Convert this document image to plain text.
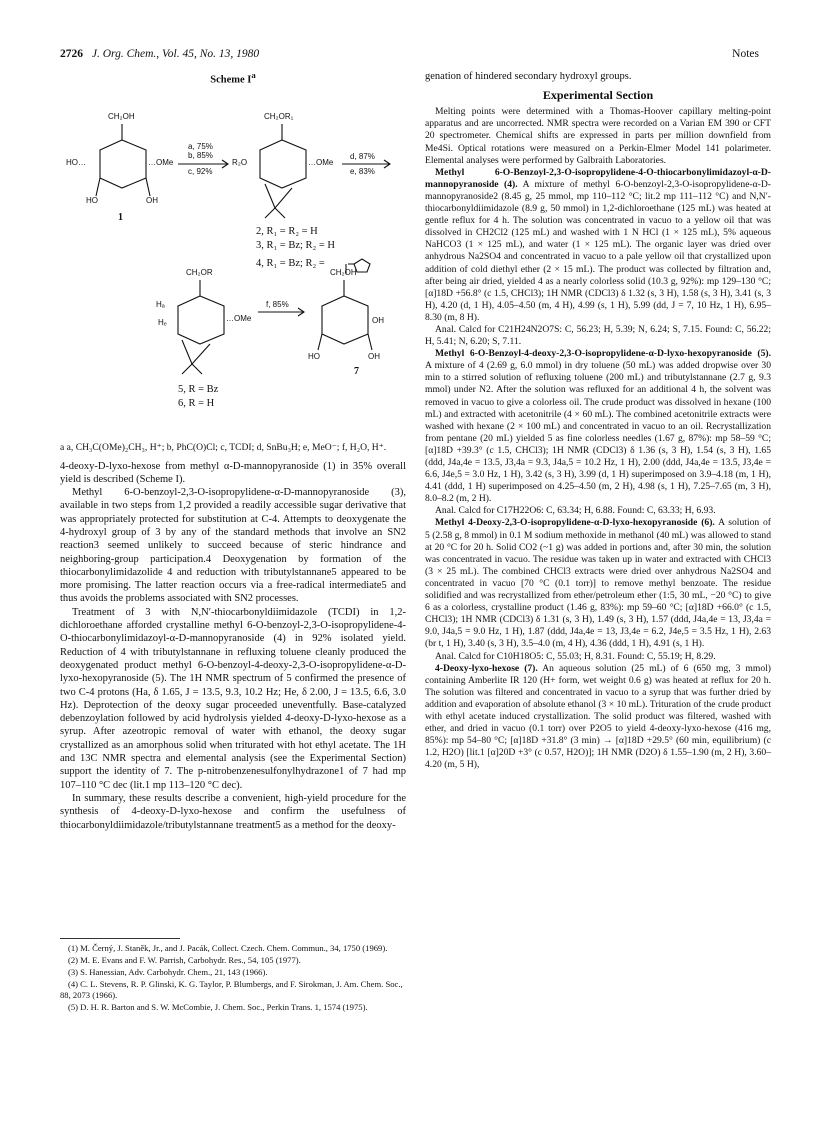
2726 J. Org. Chem., Vol. 45, No. 13, 1980	Notes
Scheme $I^a$
CH₂OH
HO…	…OMe
HO	OH
1
a, 75%
b, 85%
c, 92%
CH₂OR₁
R₂O	…OMe
d, 87%
e, 83%
2, R₁ = R₂ = H
3, R₁ = Bz; R₂ = H
4, R₁ = Bz; R₂ =
CH₂OR
Hₐ
Hₑ	…OMe
f, 85%
CH₂OH
OH
HO	OH
7
5, R = Bz
6, R = H
a a, CH₃C(OMe)₂CH₃, H⁺; b, PhC(O)Cl; c, TCDI; d, SnBu₃H; e, MeO⁻; f, H₂O, H⁺.

4-deoxy-D-lyxo-hexose from methyl α-D-mannopyranoside (1) in 35% overall yield is described (Scheme I).

Methyl 6-O-benzoyl-2,3-O-isopropylidene-α-D-mannopyranoside (3), available in two steps from 1,2 provided a readily accessible sugar derivative that was appropriately protected for substitution at C-4. Attempts to deoxygenate the 4-hydroxyl group of 3 by any of the standard methods that involve an SN2 reaction3 seemed unlikely to succeed because of steric hindrance and neighboring-group participation.4 Deoxygenation by formation of the thiocarbonylimidazolide 4 and reduction with tributylstannane5 appeared to be more promising. The latter reaction occurs via a free-radical intermediate5 and thus avoids the problems associated with SN2 processes.

Treatment of 3 with N,N′-thiocarbonyldiimidazole (TCDI) in 1,2-dichloroethane afforded crystalline methyl 6-O-benzoyl-2,3-O-isopropylidene-4-O-thiocarbonylimidazoyl-α-D-mannopyranoside (4) in 92% isolated yield. Reduction of 4 with tributylstannane in refluxing toluene cleanly produced the deoxygenated product methyl 6-O-benzoyl-4-deoxy-2,3-O-isopropylidene-α-D-lyxo-hexopyranoside (5). The 1H NMR spectrum of 5 confirmed the presence of two C-4 protons (Ha, δ 1.65, J = 13.5, 9.3, 10.2 Hz; He, δ 2.00, J = 13.5, 6.6, 3.0 Hz). Deprotection of the deoxy sugar proceeded uneventfully. Base-catalyzed debenzoylation followed by acid hydrolysis yielded 4-deoxy-D-lyxo-hexose as a syrup. After azeotropic removal of water with ethanol, the deoxy sugar crystallized as an amorphous solid when triturated with hot ethyl acetate. The 1H and 13C NMR spectra and elemental analysis (see the Experimental Section) support the identity of 7. The p-nitrobenzenesulfonylhydrazone1 of 7 had mp 107–110 °C dec (lit.1 mp 113–120 °C dec).

In summary, these results describe a convenient, high-yield procedure for the synthesis of 4-deoxy-D-lyxo-hexose and confirm the usefulness of thiocarbonyldiimidazole/tributylstannane treatment5 as a method for the deoxy-

(1) M. Černý, J. Staněk, Jr., and J. Pacák, Collect. Czech. Chem. Commun., 34, 1750 (1969).

(2) M. E. Evans and F. W. Parrish, Carbohydr. Res., 54, 105 (1977).

(3) S. Hanessian, Adv. Carbohydr. Chem., 21, 143 (1966).

(4) C. L. Stevens, R. P. Glinski, K. G. Taylor, P. Blumbergs, and F. Sirokman, J. Am. Chem. Soc., 88, 2073 (1966).

(5) D. H. R. Barton and S. W. McCombie, J. Chem. Soc., Perkin Trans. 1, 1574 (1975).

genation of hindered secondary hydroxyl groups.

Experimental Section

Melting points were determined with a Thomas-Hoover capillary melting-point apparatus and are uncorrected. NMR spectra were recorded on a Varian EM 390 or CFT 20 spectrometer. Chemical shifts are expressed in parts per million downfield from Me4Si. Optical rotations were measured on a Perkin-Elmer Model 141 polarimeter. Elemental analyses were performed by Galbraith Laboratories.

Methyl 6-O-Benzoyl-2,3-O-isopropylidene-4-O-thiocarbonylimidazoyl-α-D-mannopyranoside (4). A mixture of methyl 6-O-benzoyl-2,3-O-isopropylidene-α-D-mannopyranoside2 (8.45 g, 25 mmol, mp 110–112 °C; lit.2 mp 111–112 °C) and N,N′-thiocarbonyldiimidazole (8.9 g, 50 mmol) in 1,2-dichloroethane (125 mL) was heated at gentle reflux for 4 h. The solution was concentrated in vacuo to a yellow oil that was dissolved in CH2Cl2 (125 mL) and washed with 1 N HCl (1 × 125 mL), 5% aqueous NaHCO3 (1 × 125 mL), and water (1 × 125 mL). The organic layer was dried over anhydrous Na2SO4 and concentrated in vacuo to a pale yellow oil that crystallized upon addition of cold diethyl ether (2 × 15 mL). The product was collected by filtration and, after being air dried, yielded 4 as a nearly colorless solid (10.3 g, 92%): mp 129–130 °C; [α]18D +56.8° (c 1.5, CHCl3); 1H NMR (CDCl3) δ 1.32 (s, 3 H), 1.58 (s, 3 H), 3.41 (s, 3 H), 4.20 (d, 1 H), 4.05–4.50 (m, 4 H), 4.99 (s, 1 H), 5.99 (dd, J = 7, 10 Hz, 1 H), 6.95–8.30 (m, 8 H).

Anal. Calcd for C21H24N2O7S: C, 56.23; H, 5.39; N, 6.24; S, 7.15. Found: C, 56.22; H, 5.41; N, 6.20; S, 7.11.

Methyl 6-O-Benzoyl-4-deoxy-2,3-O-isopropylidene-α-D-lyxo-hexopyranoside (5). A mixture of 4 (2.69 g, 6.0 mmol) in dry toluene (50 mL) was added dropwise over 30 min to a stirred solution of refluxing toluene (200 mL) and tributylstannane (2.7 g, 9.3 mmol) under N2. After the solution was refluxed for an additional 4 h, the solvent was removed in vacuo to give a colorless oil. The crude product was dissolved in hexane (100 mL) and extracted with acetonitrile (4 × 60 mL). The combined acetonitrile extracts were washed with hexane (2 × 100 mL) and concentrated in vacuo to an oil. Recrystallization from pentane (20 mL) yielded 5 as fine colorless needles (1.67 g, 87%): mp 58–59 °C; [α]18D +39.3° (c 1.5, CHCl3); 1H NMR (CDCl3) δ 1.36 (s, 3 H), 1.54 (s, 3 H), 1.65 (ddd, J4a,4e = 13.5, J3,4a = 9.3, J4a,5 = 10.2 Hz, 1 H), 2.00 (ddd, J4a,4e = 13.5, J3,4e = 6.6, J4e,5 = 3.0 Hz, 1 H), 3.42 (s, 3 H), 3.99 (d, 1 H) superimposed on 3.9–4.18 (m, 1 H), 4.41 (ddd, 1 H) superimposed on 4.25–4.50 (m, 2 H), 4.98 (s, 1 H), 7.25–7.65 (m, 3 H), 8.0–8.2 (m, 2 H).

Anal. Calcd for C17H22O6: C, 63.34; H, 6.88. Found: C, 63.33; H, 6.93.

Methyl 4-Deoxy-2,3-O-isopropylidene-α-D-lyxo-hexopyranoside (6). A solution of 5 (2.58 g, 8 mmol) in 0.1 M sodium methoxide in methanol (40 mL) was allowed to stand at 20 °C for 20 h. Solid CO2 (~1 g) was added in portions and, after 30 min, the solution was concentrated in vacuo. The residue was taken up in water and extracted with CHCl3 (3 × 25 mL). The combined CHCl3 extracts were dried over anhydrous Na2SO4 and concentrated in vacuo [70 °C (0.1 torr)] to remove methyl benzoate. The residue solidified and was recrystallized from ether/petroleum ether (1:5, 30 mL, −20 °C) to give 6 as a colorless, crystalline product (1.46 g, 83%): mp 59–60 °C; [α]18D +66.0° (c 1.5, CHCl3); 1H NMR (CDCl3) δ 1.31 (s, 3 H), 1.49 (s, 3 H), 1.57 (ddd, J4a,4e = 13, J3,4a = 9.0, J4a,5 = 9.0 Hz, 1 H), 1.87 (ddd, J4a,4e = 13, J3,4e = 6.2, J4e,5 = 3.5 Hz, 1 H), 2.63 (br t, 1 H), 3.40 (s, 3 H), 3.5–4.0 (m, 4 H), 4.36 (ddd, 1 H), 4.91 (s, 1 H).

Anal. Calcd for C10H18O5: C, 55.03; H, 8.31. Found: C, 55.19; H, 8.29.

4-Deoxy-lyxo-hexose (7). An aqueous solution (25 mL) of 6 (650 mg, 3 mmol) containing Amberlite IR 120 (H+ form, wet weight 0.6 g) was heated at reflux for 20 h. The solution was filtered and concentrated in vacuo to a syrup that was further dried by addition and evaporation of absolute ethanol (3 × 10 mL). Trituration of the crude product with ethyl acetate induced crystallization. The solid product was filtered, washed with ether, and dried in vacuo (0.1 torr) over P2O5 to yield 4-deoxy-lyxo-hexose (416 mg, 85%): mp 54–80 °C; [α]18D +31.8° (3 min) → [α]18D +29.5° (60 min, equilibrium) (c 1.2, H2O) [lit.1 [α]20D +3° (c 0.57, H2O)]; 1H NMR (D2O) δ 1.55–1.90 (m, 2 H), 3.60–4.20 (m, 5 H),
